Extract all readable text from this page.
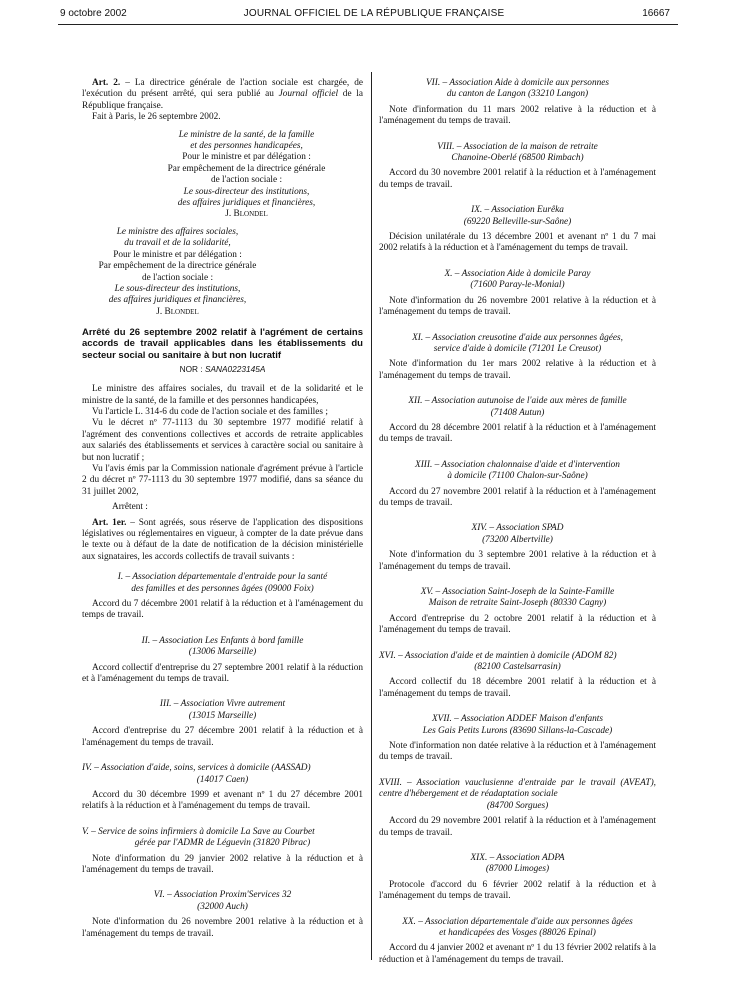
9 octobre 2002	JOURNAL OFFICIEL DE LA RÉPUBLIQUE FRANÇAISE	16667

Art. 2. – La directrice générale de l'action sociale est chargée, de l'exécution du présent arrêté, qui sera publié au Journal officiel de la République française.

Fait à Paris, le 26 septembre 2002.

Le ministre de la santé, de la famille

et des personnes handicapées,

Pour le ministre et par délégation :

Par empêchement de la directrice générale

de l'action sociale :

Le sous-directeur des institutions,

des affaires juridiques et financières,

J. Blondel

Le ministre des affaires sociales,

du travail et de la solidarité,

Pour le ministre et par délégation :

Par empêchement de la directrice générale

de l'action sociale :

Le sous-directeur des institutions,

des affaires juridiques et financières,

J. Blondel

Arrêté du 26 septembre 2002 relatif à l'agrément de certains accords de travail applicables dans les établissements du secteur social ou sanitaire à but non lucratif

NOR : SANA0223145A

Le ministre des affaires sociales, du travail et de la solidarité et le ministre de la santé, de la famille et des personnes handicapées,

Vu l'article L. 314-6 du code de l'action sociale et des familles ;

Vu le décret nº 77-1113 du 30 septembre 1977 modifié relatif à l'agrément des conventions collectives et accords de retraite applicables aux salariés des établissements et services à caractère social ou sanitaire à but non lucratif ;

Vu l'avis émis par la Commission nationale d'agrément prévue à l'article 2 du décret nº 77-1113 du 30 septembre 1977 modifié, dans sa séance du 31 juillet 2002,

Arrêtent :

Art. 1er. – Sont agréés, sous réserve de l'application des dispositions législatives ou réglementaires en vigueur, à compter de la date prévue dans le texte ou à défaut de la date de notification de la décision ministérielle aux signataires, les accords collectifs de travail suivants :

I. – Association départementale d'entraide pour la santé

des familles et des personnes âgées (09000 Foix)

Accord du 7 décembre 2001 relatif à la réduction et à l'aménagement du temps de travail.

II. – Association Les Enfants à bord famille

(13006 Marseille)

Accord collectif d'entreprise du 27 septembre 2001 relatif à la réduction et à l'aménagement du temps de travail.

III. – Association Vivre autrement

(13015 Marseille)

Accord d'entreprise du 27 décembre 2001 relatif à la réduction et à l'aménagement du temps de travail.

IV. – Association d'aide, soins, services à domicile (AASSAD)

(14017 Caen)

Accord du 30 décembre 1999 et avenant nº 1 du 27 décembre 2001 relatifs à la réduction et à l'aménagement du temps de travail.

V. – Service de soins infirmiers à domicile La Save au Courbet

gérée par l'ADMR de Léguevin (31820 Pibrac)

Note d'information du 29 janvier 2002 relative à la réduction et à l'aménagement du temps de travail.

VI. – Association Proxim'Services 32

(32000 Auch)

Note d'information du 26 novembre 2001 relative à la réduction et à l'aménagement du temps de travail.

VII. – Association Aide à domicile aux personnes

du canton de Langon (33210 Langon)

Note d'information du 11 mars 2002 relative à la réduction et à l'aménagement du temps de travail.

VIII. – Association de la maison de retraite

Chanoine-Oberlé (68500 Rimbach)

Accord du 30 novembre 2001 relatif à la réduction et à l'aménagement du temps de travail.

IX. – Association Eurêka

(69220 Belleville-sur-Saône)

Décision unilatérale du 13 décembre 2001 et avenant nº 1 du 7 mai 2002 relatifs à la réduction et à l'aménagement du temps de travail.

X. – Association Aide à domicile Paray

(71600 Paray-le-Monial)

Note d'information du 26 novembre 2001 relative à la réduction et à l'aménagement du temps de travail.

XI. – Association creusotine d'aide aux personnes âgées,

service d'aide à domicile (71201 Le Creusot)

Note d'information du 1er mars 2002 relative à la réduction et à l'aménagement du temps de travail.

XII. – Association autunoise de l'aide aux mères de famille

(71408 Autun)

Accord du 28 décembre 2001 relatif à la réduction et à l'aménagement du temps de travail.

XIII. – Association chalonnaise d'aide et d'intervention

à domicile (71100 Chalon-sur-Saône)

Accord du 27 novembre 2001 relatif à la réduction et à l'aménagement du temps de travail.

XIV. – Association SPAD

(73200 Albertville)

Note d'information du 3 septembre 2001 relative à la réduction et à l'aménagement du temps de travail.

XV. – Association Saint-Joseph de la Sainte-Famille

Maison de retraite Saint-Joseph (80330 Cagny)

Accord d'entreprise du 2 octobre 2001 relatif à la réduction et à l'aménagement du temps de travail.

XVI. – Association d'aide et de maintien à domicile (ADOM 82)

(82100 Castelsarrasin)

Accord collectif du 18 décembre 2001 relatif à la réduction et à l'aménagement du temps de travail.

XVII. – Association ADDEF Maison d'enfants

Les Gais Petits Lurons (83690 Sillans-la-Cascade)

Note d'information non datée relative à la réduction et à l'aménagement du temps de travail.

XVIII. – Association vauclusienne d'entraide par le travail (AVEAT), centre d'hébergement et de réadaptation sociale

(84700 Sorgues)

Accord du 29 novembre 2001 relatif à la réduction et à l'aménagement du temps de travail.

XIX. – Association ADPA

(87000 Limoges)

Protocole d'accord du 6 février 2002 relatif à la réduction et à l'aménagement du temps de travail.

XX. – Association départementale d'aide aux personnes âgées

et handicapées des Vosges (88026 Epinal)

Accord du 4 janvier 2002 et avenant nº 1 du 13 février 2002 relatifs à la réduction et à l'aménagement du temps de travail.
